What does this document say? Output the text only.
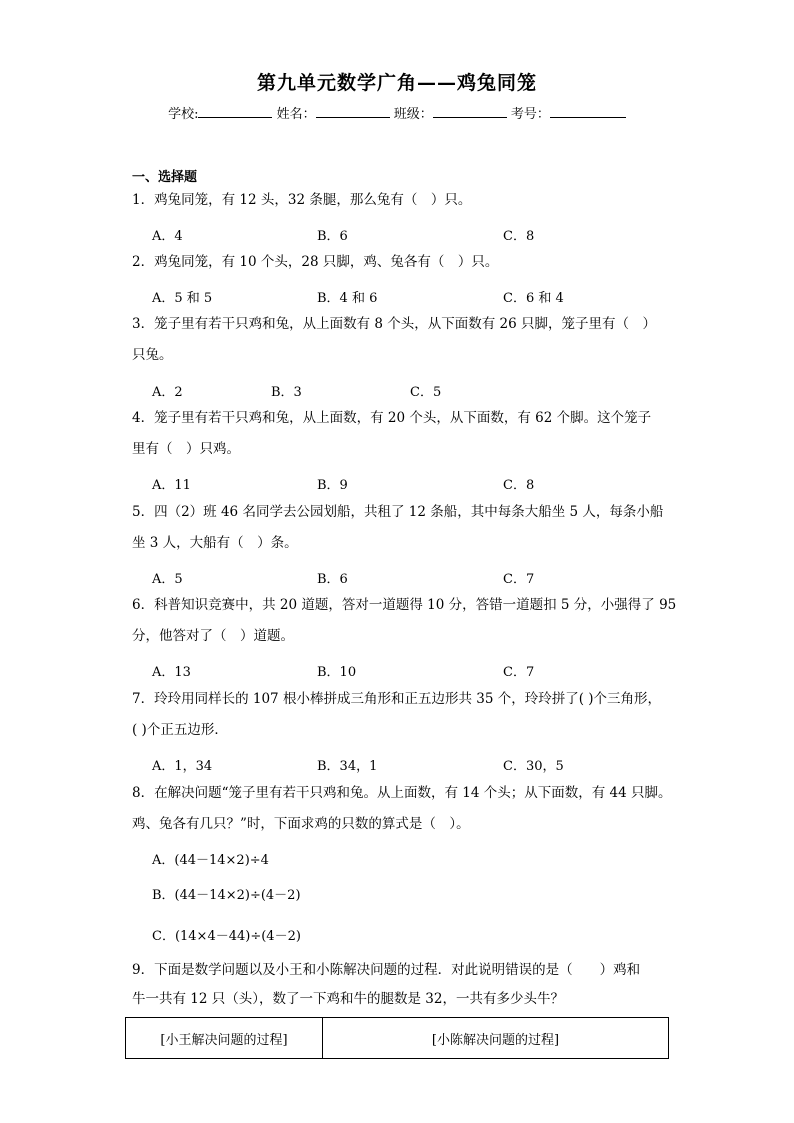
第九单元数学广角——鸡兔同笼
学校:	姓名：	班级：	考号：
一、选择题
1．鸡兔同笼，有 12 头，32 条腿，那么兔有（　）只。
A．4	B．6	C．8
2．鸡兔同笼，有 10 个头，28 只脚，鸡、兔各有（　）只。
A．5 和 5	B．4 和 6	C．6 和 4
3．笼子里有若干只鸡和兔，从上面数有 8 个头，从下面数有 26 只脚，笼子里有（　）
只兔。
A．2	B．3	C．5
4．笼子里有若干只鸡和兔，从上面数，有 20 个头，从下面数，有 62 个脚。这个笼子
里有（　）只鸡。
A．11	B．9	C．8
5．四（2）班 46 名同学去公园划船，共租了 12 条船，其中每条大船坐 5 人，每条小船
坐 3 人，大船有（　）条。
A．5	B．6	C．7
6．科普知识竞赛中，共 20 道题，答对一道题得 10 分，答错一道题扣 5 分，小强得了 95
分，他答对了（　）道题。
A．13	B．10	C．7
7．玲玲用同样长的 107 根小棒拼成三角形和正五边形共 35 个，玲玲拼了( )个三角形，
( )个正五边形．
A．1，34	B．34，1	C．30，5
8．在解决问题“笼子里有若干只鸡和兔。从上面数，有 14 个头；从下面数，有 44 只脚。
鸡、兔各有几只？”时，下面求鸡的只数的算式是（　）。
A．(44－14×2)÷4
B．(44－14×2)÷(4－2)
C．(14×4－44)÷(4－2)
9．下面是数学问题以及小王和小陈解决问题的过程．对此说明错误的是（　　）鸡和
牛一共有 12 只（头），数了一下鸡和牛的腿数是 32，一共有多少头牛？
[小王解决问题的过程]	[小陈解决问题的过程]
